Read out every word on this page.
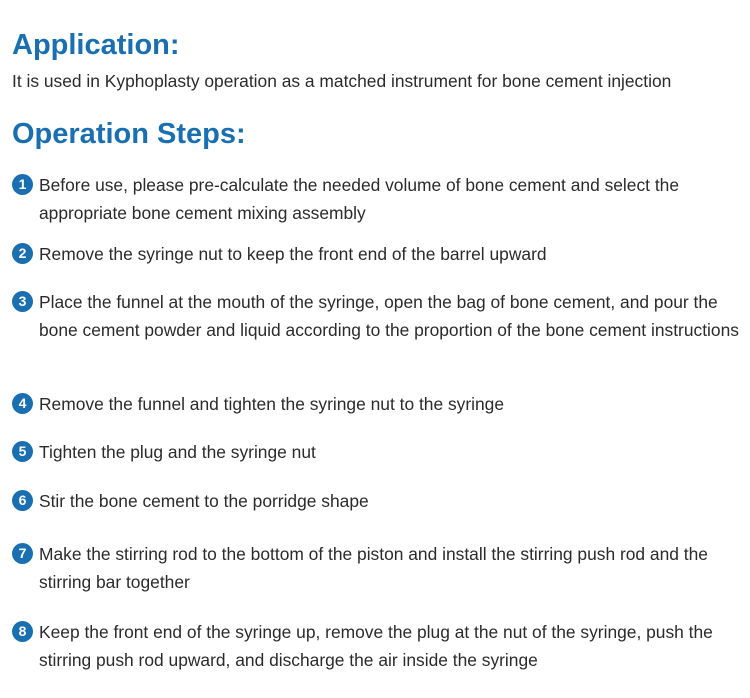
Application:

It is used in Kyphoplasty operation as a matched instrument for bone cement injection

Operation Steps:
1 Before use, please pre-calculate the needed volume of bone cement and select the appropriate bone cement mixing assembly

2 Remove the syringe nut to keep the front end of the barrel upward

3 Place the funnel at the mouth of the syringe, open the bag of bone cement, and pour the bone cement powder and liquid according to the proportion of the bone cement instructions

4 Remove the funnel and tighten the syringe nut to the syringe

5 Tighten the plug and the syringe nut

6 Stir the bone cement to the porridge shape

7 Make the stirring rod to the bottom of the piston and install the stirring push rod and the stirring bar together

8 Keep the front end of the syringe up, remove the plug at the nut of the syringe, push the stirring push rod upward, and discharge the air inside the syringe
